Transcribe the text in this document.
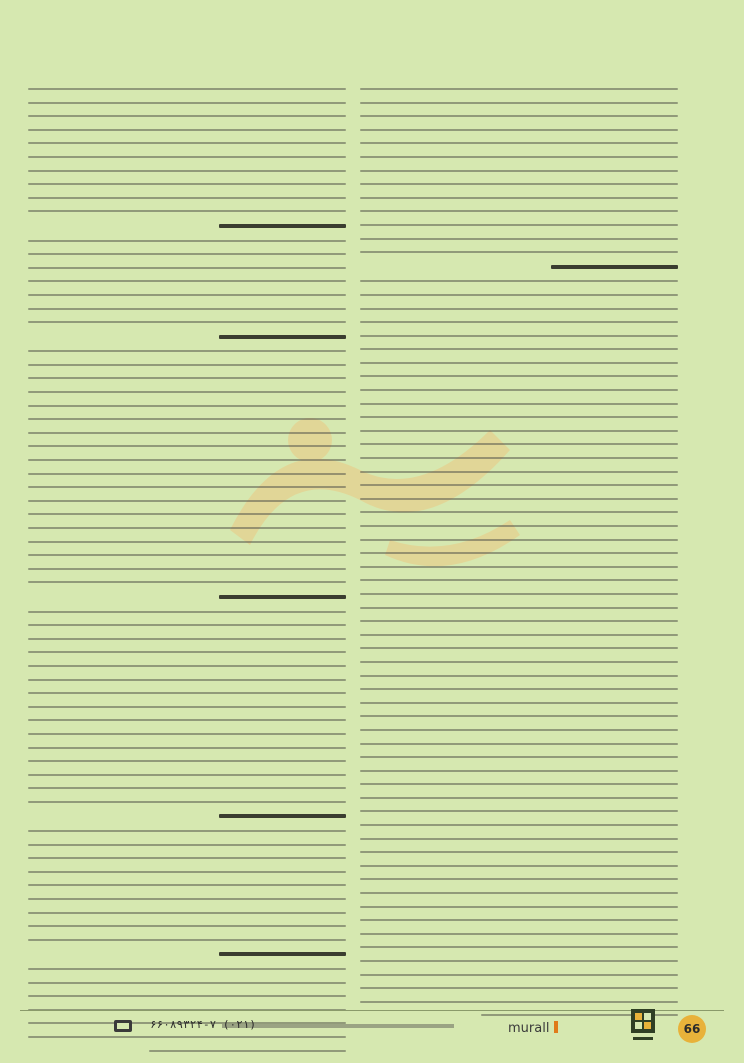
66
murall
۶۶۰۸۹۳۲۴-۷ (۰۲۱)
